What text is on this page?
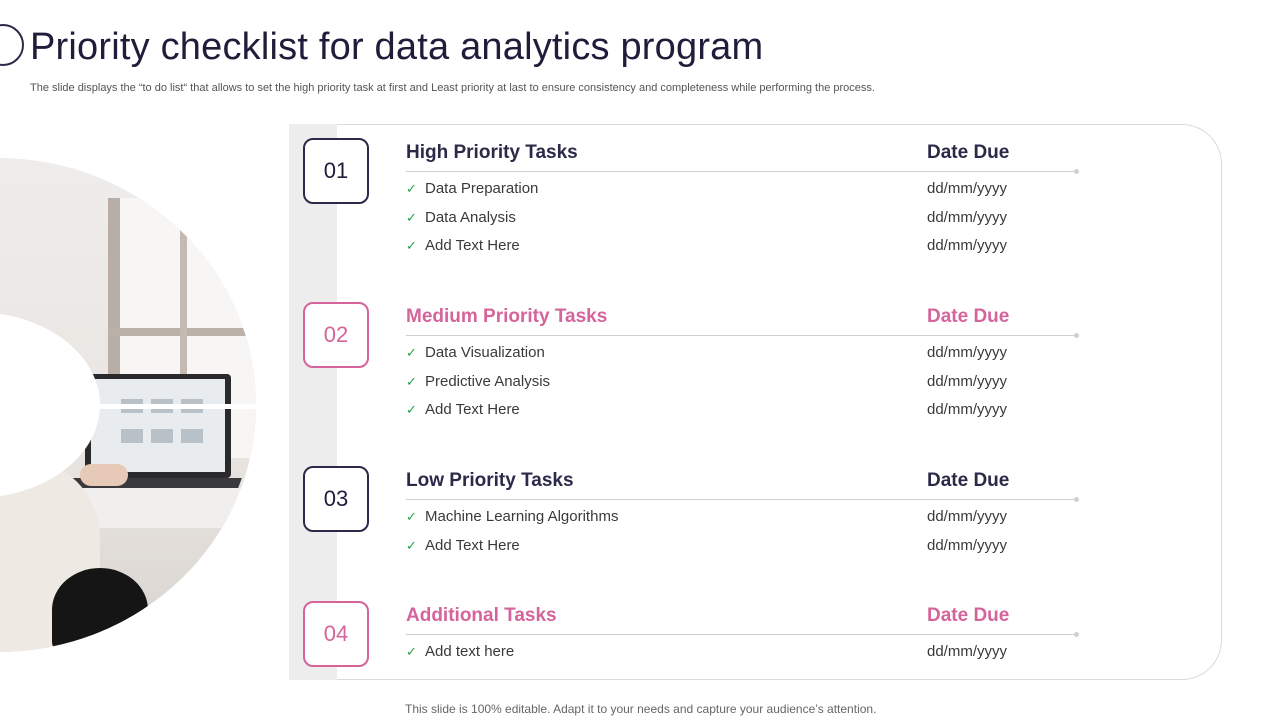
Priority checklist for data analytics program

The slide displays the “to do list“ that allows to set the high priority task at first and Least priority at last to ensure consistency and completeness while performing the process.

01
High Priority Tasks	Date Due
✓ Data Preparation	dd/mm/yyyy
✓ Data Analysis	dd/mm/yyyy
✓ Add Text Here	dd/mm/yyyy
02
Medium Priority Tasks	Date Due
✓ Data Visualization	dd/mm/yyyy
✓ Predictive Analysis	dd/mm/yyyy
✓ Add Text Here	dd/mm/yyyy
03
Low Priority Tasks	Date Due
✓ Machine Learning Algorithms	dd/mm/yyyy
✓ Add Text Here	dd/mm/yyyy
04
Additional Tasks	Date Due
✓ Add text here	dd/mm/yyyy

This slide is 100% editable. Adapt it to your needs and capture your audience’s attention.
